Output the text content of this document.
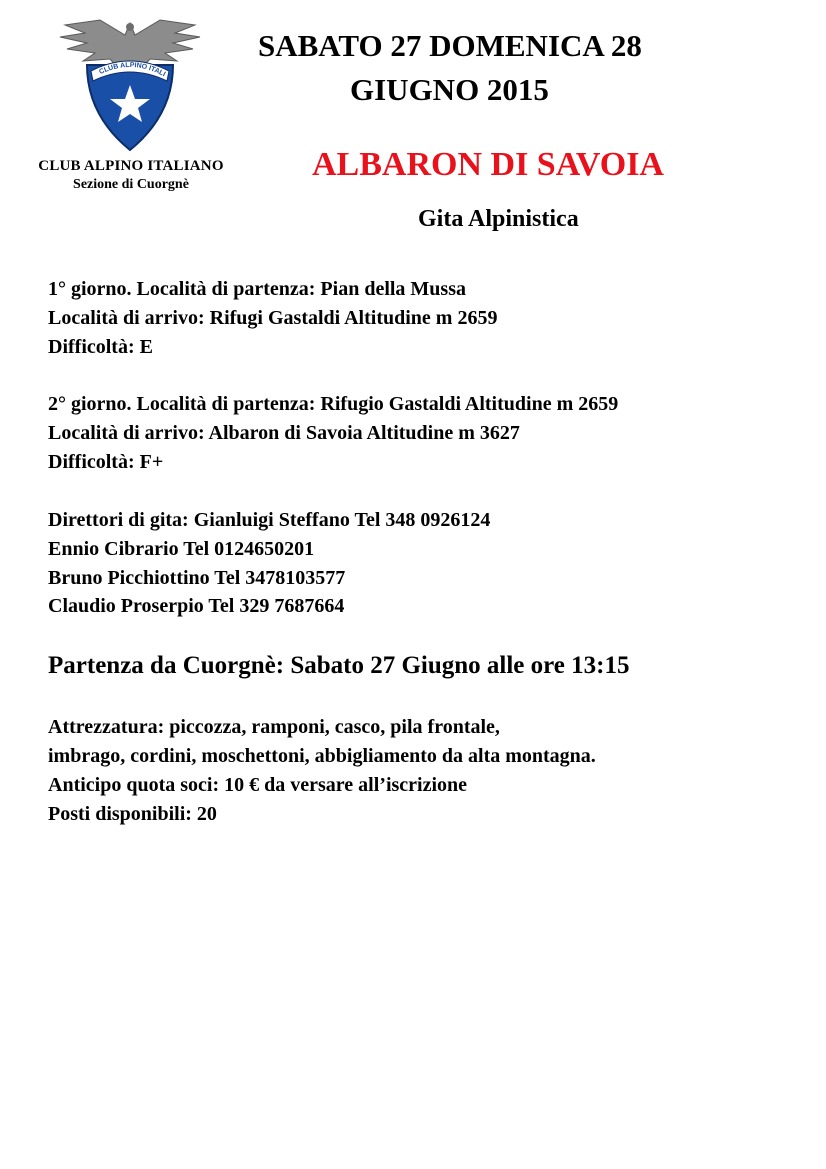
CLUB ALPINO ITALI
CLUB ALPINO ITALIANO
Sezione di Cuorgnè
SABATO 27 DOMENICA 28
GIUGNO 2015
ALBARON DI SAVOIA
Gita Alpinistica
1° giorno. Località di partenza: Pian della Mussa
Località di arrivo: Rifugi Gastaldi Altitudine m 2659
Difficoltà: E
2° giorno. Località di partenza: Rifugio Gastaldi Altitudine m 2659
Località di arrivo: Albaron di Savoia Altitudine m 3627
Difficoltà: F+
Direttori di gita: Gianluigi Steffano Tel 348 0926124
Ennio Cibrario Tel 0124650201
Bruno Picchiottino Tel 3478103577
Claudio Proserpio Tel 329 7687664
Partenza da Cuorgnè: Sabato 27 Giugno alle ore 13:15
Attrezzatura: piccozza, ramponi, casco, pila frontale,
imbrago, cordini, moschettoni, abbigliamento da alta montagna.
Anticipo quota soci: 10 € da versare all’iscrizione
Posti disponibili: 20
